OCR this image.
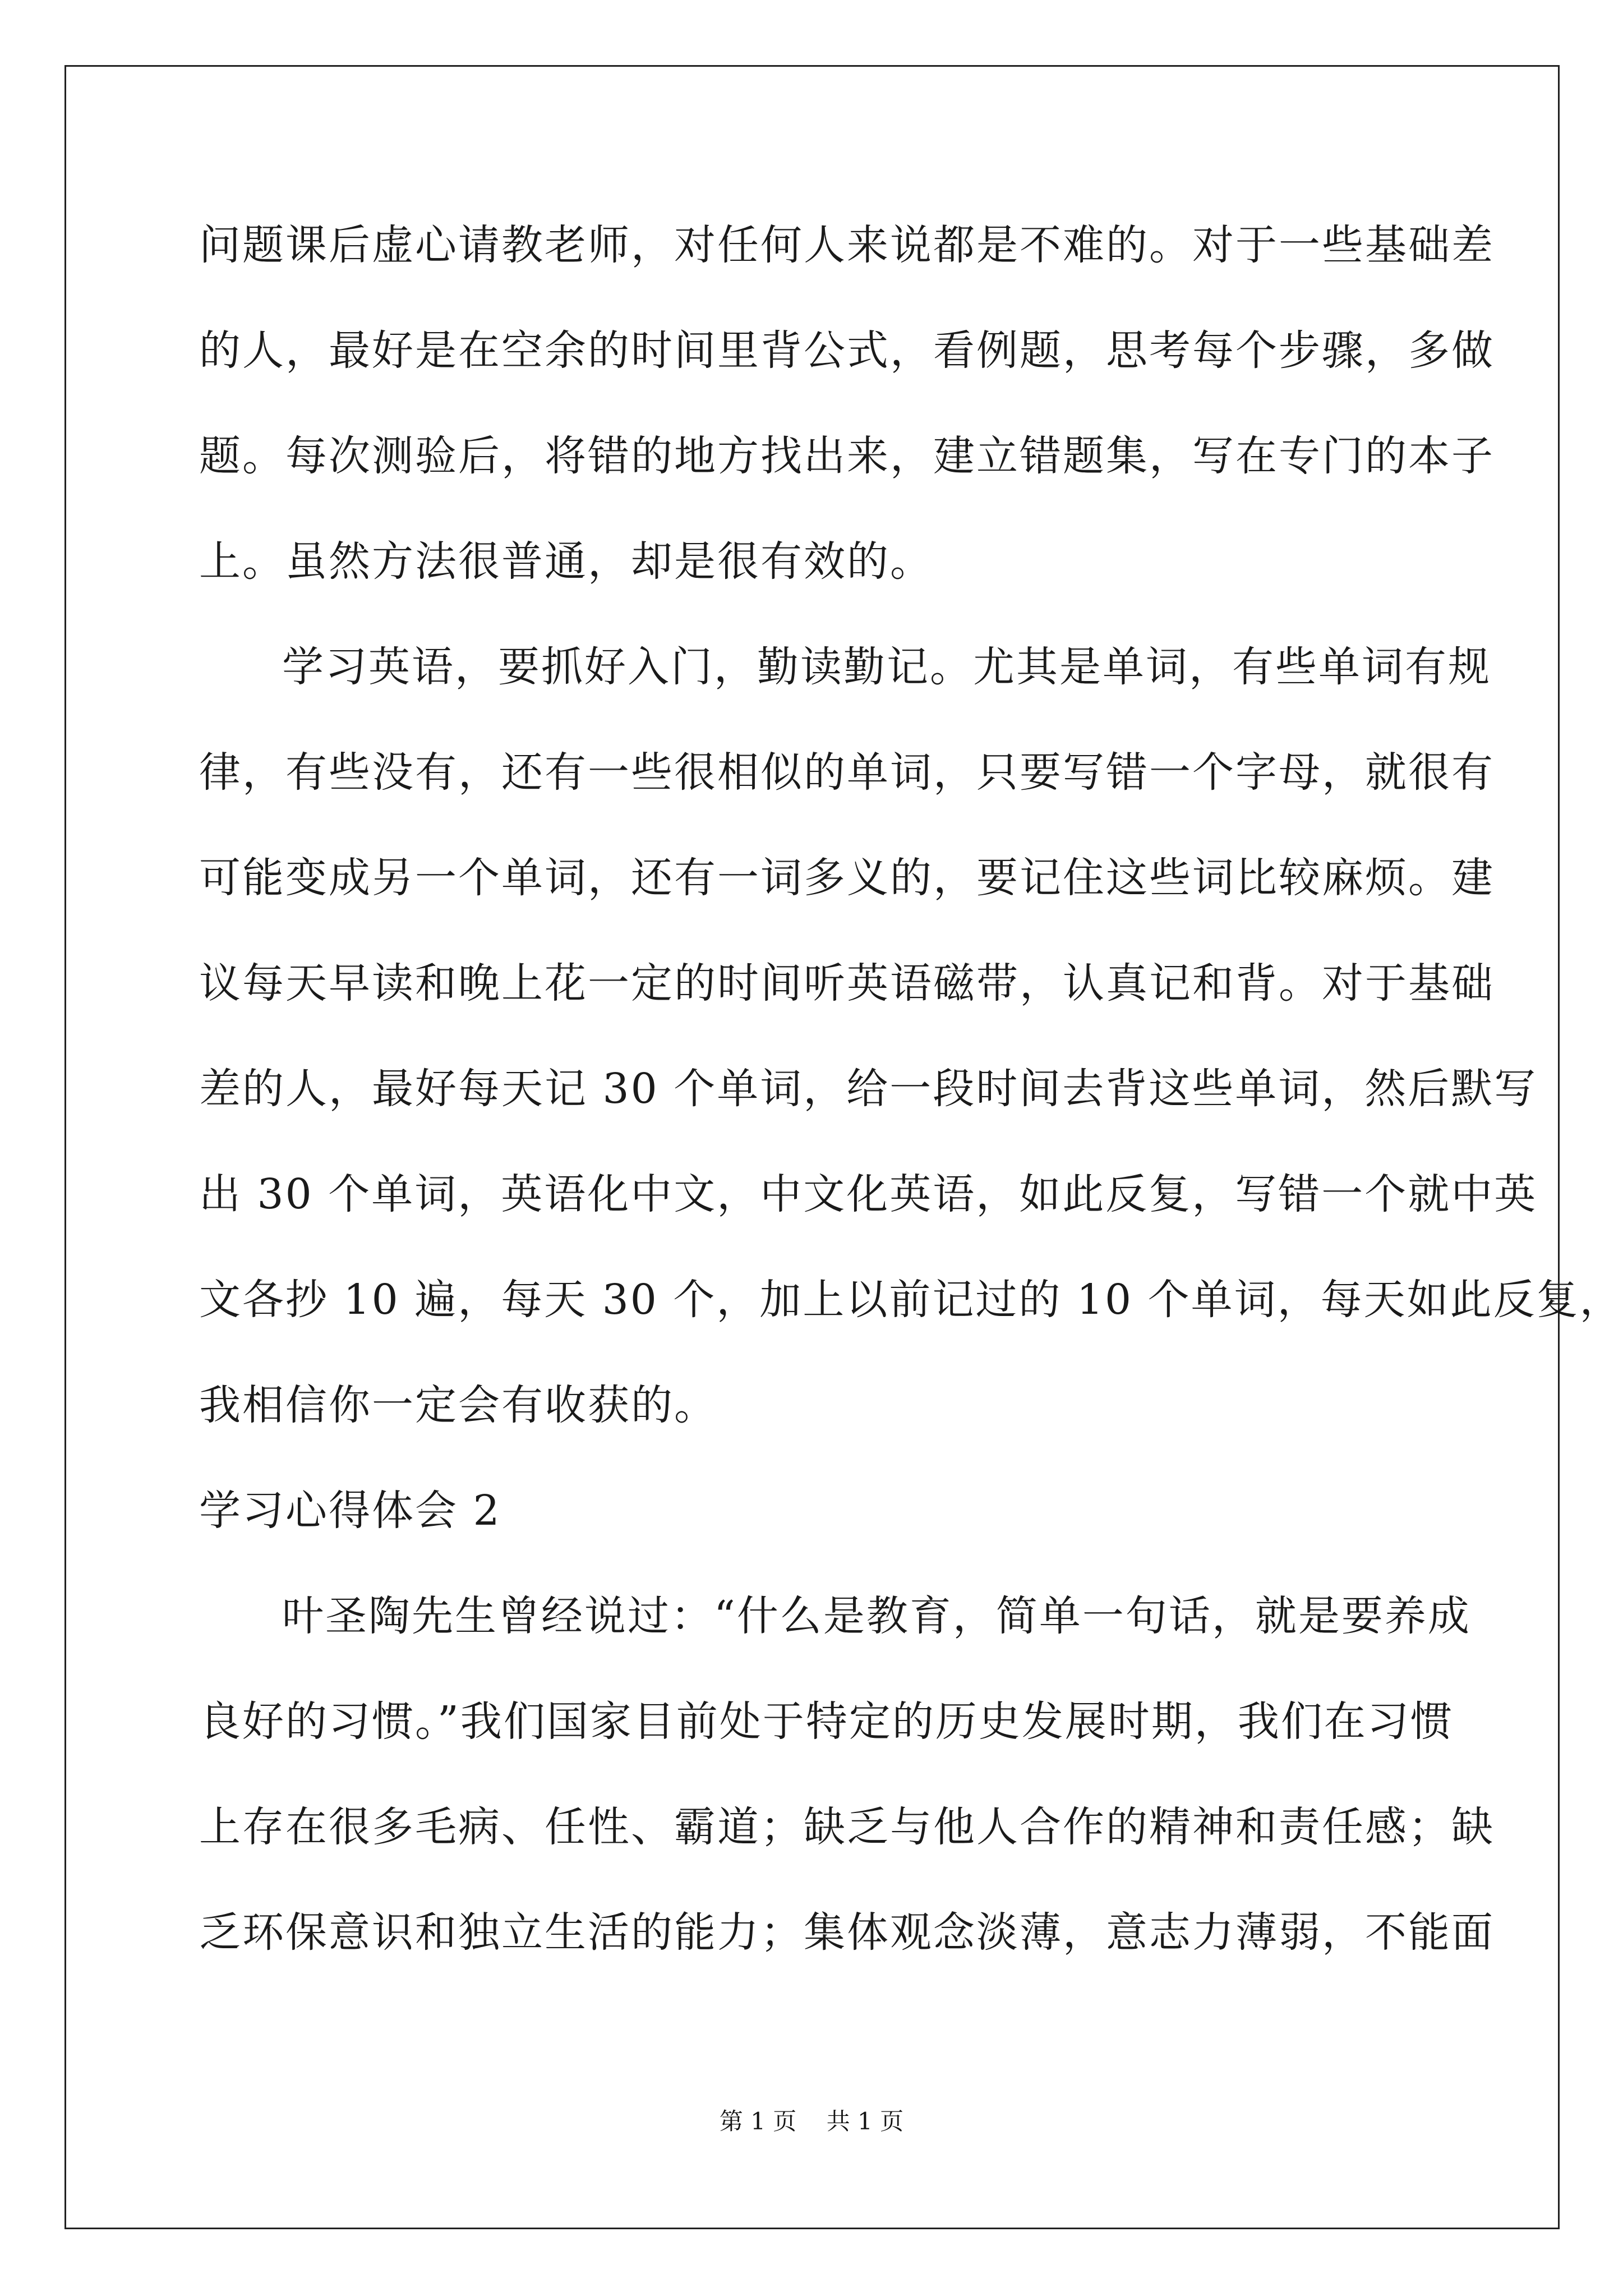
问题课后虚心请教老师，对任何人来说都是不难的。对于一些基础差
的人，最好是在空余的时间里背公式，看例题，思考每个步骤，多做
题。每次测验后，将错的地方找出来，建立错题集，写在专门的本子
上。虽然方法很普通，却是很有效的。
学习英语，要抓好入门，勤读勤记。尤其是单词，有些单词有规
律，有些没有，还有一些很相似的单词，只要写错一个字母，就很有
可能变成另一个单词，还有一词多义的，要记住这些词比较麻烦。建
议每天早读和晚上花一定的时间听英语磁带，认真记和背。对于基础
差的人，最好每天记 30 个单词，给一段时间去背这些单词，然后默写
出 30 个单词，英语化中文，中文化英语，如此反复，写错一个就中英
文各抄 10 遍，每天 30 个，加上以前记过的 10 个单词，每天如此反复，
我相信你一定会有收获的。
学习心得体会 2
叶圣陶先生曾经说过：“什么是教育，简单一句话，就是要养成
良好的习惯。”我们国家目前处于特定的历史发展时期，我们在习惯
上存在很多毛病、任性、霸道；缺乏与他人合作的精神和责任感；缺
乏环保意识和独立生活的能力；集体观念淡薄，意志力薄弱，不能面
第 1 页    共 1 页
